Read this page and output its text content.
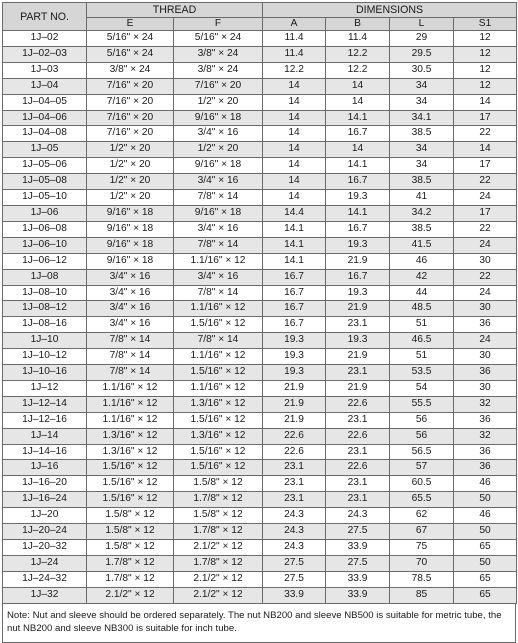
PART NO.	THREAD		DIMENSIONS			
	E	F	A	B	L	S1
1J–02	5/16" × 24	5/16" × 24	11.4	11.4	29	12
1J–02–03	5/16" × 24	3/8" × 24	11.4	12.2	29.5	12
1J–03	3/8" × 24	3/8" × 24	12.2	12.2	30.5	12
1J–04	7/16" × 20	7/16" × 20	14	14	34	12
1J–04–05	7/16" × 20	1/2" × 20	14	14	34	14
1J–04–06	7/16" × 20	9/16" × 18	14	14.1	34.1	17
1J–04–08	7/16" × 20	3/4" × 16	14	16.7	38.5	22
1J–05	1/2" × 20	1/2" × 20	14	14	34	14
1J–05–06	1/2" × 20	9/16" × 18	14	14.1	34	17
1J–05–08	1/2" × 20	3/4" × 16	14	16.7	38.5	22
1J–05–10	1/2" × 20	7/8" × 14	14	19.3	41	24
1J–06	9/16" × 18	9/16" × 18	14.4	14.1	34.2	17
1J–06–08	9/16" × 18	3/4" × 16	14.1	16.7	38.5	22
1J–06–10	9/16" × 18	7/8" × 14	14.1	19.3	41.5	24
1J–06–12	9/16" × 18	1.1/16" × 12	14.1	21.9	46	30
1J–08	3/4" × 16	3/4" × 16	16.7	16.7	42	22
1J–08–10	3/4" × 16	7/8" × 14	16.7	19.3	44	24
1J–08–12	3/4" × 16	1.1/16" × 12	16.7	21.9	48.5	30
1J–08–16	3/4" × 16	1.5/16" × 12	16.7	23.1	51	36
1J–10	7/8" × 14	7/8" × 14	19.3	19.3	46.5	24
1J–10–12	7/8" × 14	1.1/16" × 12	19.3	21.9	51	30
1J–10–16	7/8" × 14	1.5/16" × 12	19.3	23.1	53.5	36
1J–12	1.1/16" × 12	1.1/16" × 12	21.9	21.9	54	30
1J–12–14	1.1/16" × 12	1.3/16" × 12	21.9	22.6	55.5	32
1J–12–16	1.1/16" × 12	1.5/16" × 12	21.9	23.1	56	36
1J–14	1.3/16" × 12	1.3/16" × 12	22.6	22.6	56	32
1J–14–16	1.3/16" × 12	1.5/16" × 12	22.6	23.1	56.5	36
1J–16	1.5/16" × 12	1.5/16" × 12	23.1	22.6	57	36
1J–16–20	1.5/16" × 12	1.5/8" × 12	23.1	23.1	60.5	46
1J–16–24	1.5/16" × 12	1.7/8" × 12	23.1	23.1	65.5	50
1J–20	1.5/8" × 12	1.5/8" × 12	24.3	24.3	62	46
1J–20–24	1.5/8" × 12	1.7/8" × 12	24.3	27.5	67	50
1J–20–32	1.5/8" × 12	2.1/2" × 12	24.3	33.9	75	65
1J–24	1.7/8" × 12	1.7/8" × 12	27.5	27.5	70	50
1J–24–32	1.7/8" × 12	2.1/2" × 12	27.5	33.9	78.5	65
1J–32	2.1/2" × 12	2.1/2" × 12	33.9	33.9	85	65
Note: Nut and sleeve should be ordered separately. The nut NB200 and sleeve NB500 is suitable for metric tube, the nut NB200 and sleeve NB300 is suitable for inch tube.
